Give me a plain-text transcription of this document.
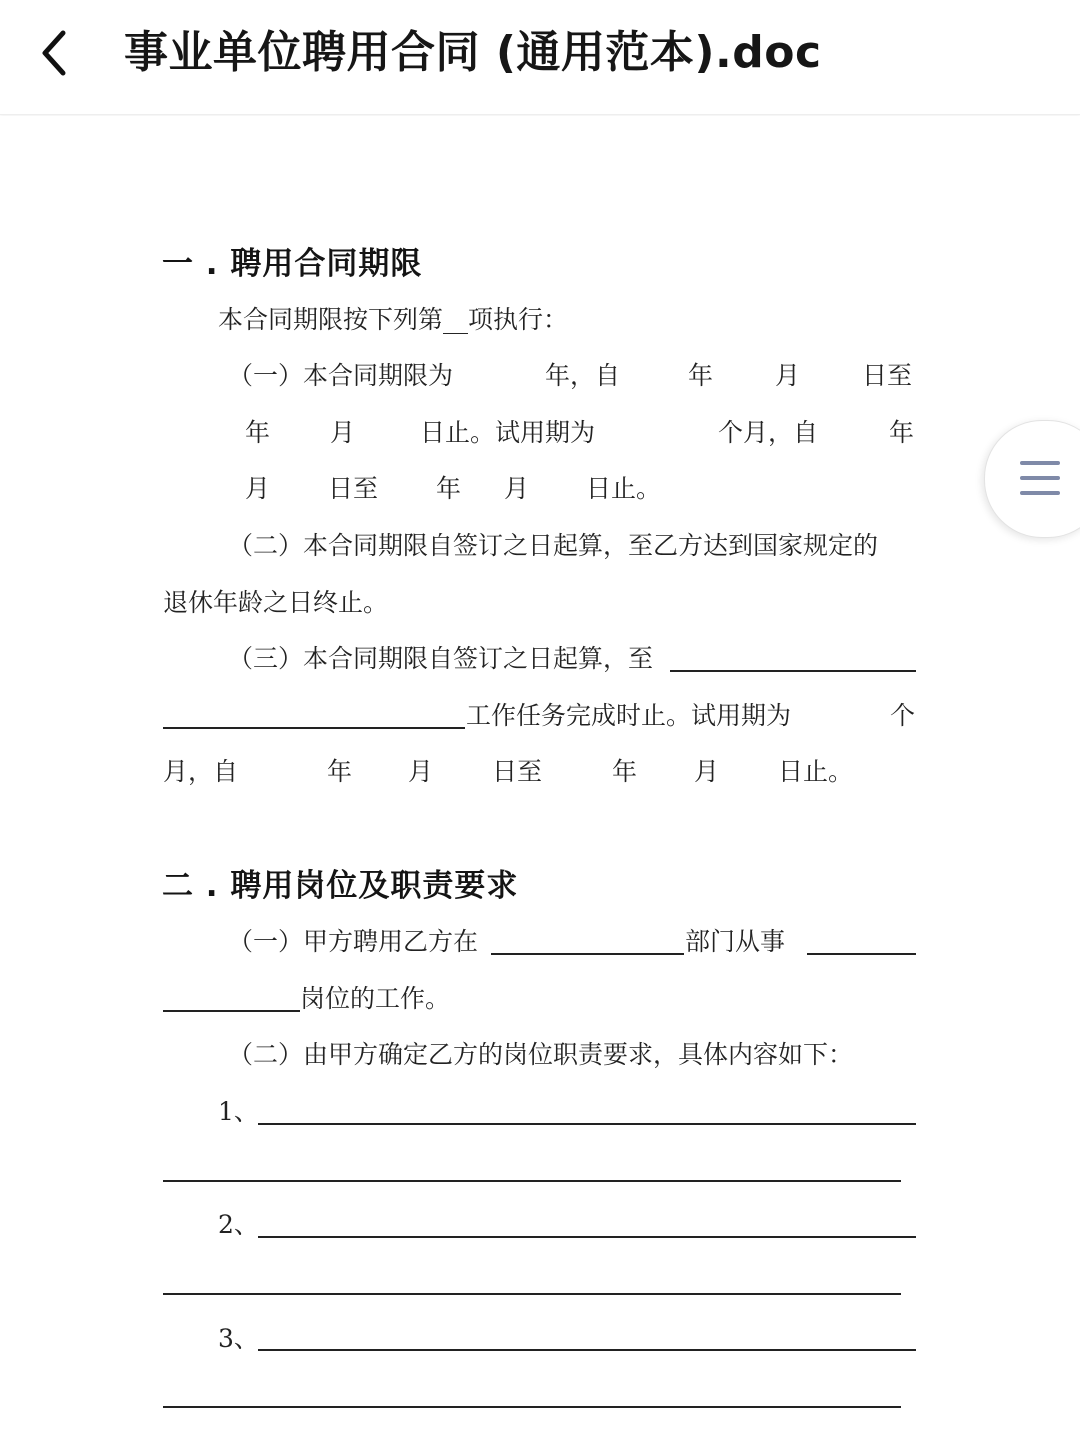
事业单位聘用合同 (通用范本).doc
一 . 聘用合同期限
本合同期限按下列第__项执行：
（一）本合同期限为	年，自	年 月 日至
年 月	日止。试用期为	个月，自	年
月 日至 年 月 日止。
（二）本合同期限自签订之日起算，至乙方达到国家规定的
退休年龄之日终止。
（三）本合同期限自签订之日起算，至
工作任务完成时止。试用期为	个
月，自	年 月 日至	年 月 日止。
二 . 聘用岗位及职责要求
（一）甲方聘用乙方在	部门从事
岗位的工作。
（二）由甲方确定乙方的岗位职责要求，具体内容如下：
1、
2、
3、
